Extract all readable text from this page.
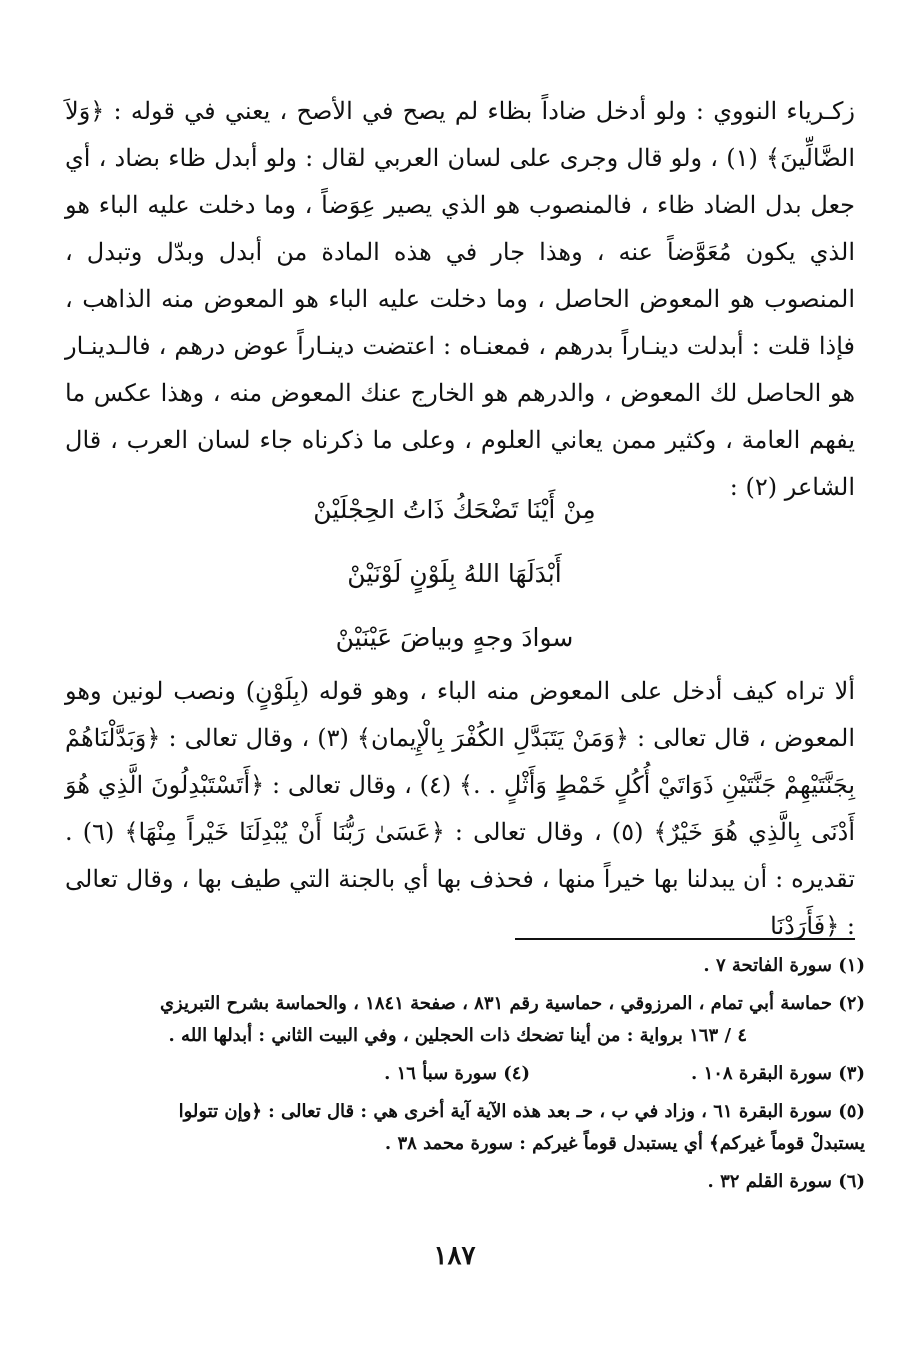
زكـرياء النووي : ولو أدخل ضاداً بظاء لم يصح في الأصح ، يعني في قوله : ﴿وَلاَ الضَّالِّينَ﴾ (١) ، ولو قال وجرى على لسان العربي لقال : ولو أبدل ظاء بضاد ، أي جعل بدل الضاد ظاء ، فالمنصوب هو الذي يصير عِوَضاً ، وما دخلت عليه الباء هو الذي يكون مُعَوَّضاً عنه ، وهذا جار في هذه المادة من أبدل وبدّل وتبدل ، المنصوب هو المعوض الحاصل ، وما دخلت عليه الباء هو المعوض منه الذاهب ، فإذا قلت : أبدلت دينـاراً بدرهم ، فمعنـاه : اعتضت دينـاراً عوض درهم ، فالـدينـار هو الحاصل لك المعوض ، والدرهم هو الخارج عنك المعوض منه ، وهذا عكس ما يفهم العامة ، وكثير ممن يعاني العلوم ، وعلى ما ذكرناه جاء لسان العرب ، قال الشاعر (٢) :

مِنْ أَيْنَا تَضْحَكُ ذَاتُ الحِجْلَيْنْ
أَبْدَلَهَا اللهُ بِلَوْنٍ لَوْنَيْنْ
سوادَ وجهٍ وبياضَ عَيْنَيْنْ

ألا تراه كيف أدخل على المعوض منه الباء ، وهو قوله (بِلَوْنٍ) ونصب لونين وهو المعوض ، قال تعالى : ﴿وَمَنْ يَتَبَدَّلِ الكُفْرَ بِالْإِيمان﴾ (٣) ، وقال تعالى : ﴿وَبَدَّلْنَاهُمْ بِجَنَّتَيْهِمْ جَنَّتَيْنِ ذَوَاتَيْ أُكُلٍ خَمْطٍ وَأَثْلٍ . .﴾ (٤) ، وقال تعالى : ﴿أَتَسْتَبْدِلُونَ الَّذِي هُوَ أَدْنَى بِالَّذِي هُوَ خَيْرٌ﴾ (٥) ، وقال تعالى : ﴿عَسَىٰ رَبُّنَا أَنْ يُبْدِلَنَا خَيْراً مِنْهَا﴾ (٦) . تقديره : أن يبدلنا بها خيراً منها ، فحذف بها أي بالجنة التي طيف بها ، وقال تعالى : ﴿فَأَرَدْنَا

(١) سورة الفاتحة ٧ .
(٢) حماسة أبي تمام ، المرزوقي ، حماسية رقم ٨٣١ ، صفحة ١٨٤١ ، والحماسة بشرح التبريزي
٤ / ١٦٣ برواية : من أينا تضحك ذات الحجلين ، وفي البيت الثاني : أبدلها الله .
(٣) سورة البقرة ١٠٨ .
(٤) سورة سبأ ١٦ .
(٥) سورة البقرة ٦١ ، وزاد في ب ، حـ بعد هذه الآية آية أخرى هي : قال تعالى : ﴿وإن تتولوا
يستبدلْ قوماً غيركم﴾ أي يستبدل قوماً غيركم : سورة محمد ٣٨ .
(٦) سورة القلم ٣٢ .
١٨٧
